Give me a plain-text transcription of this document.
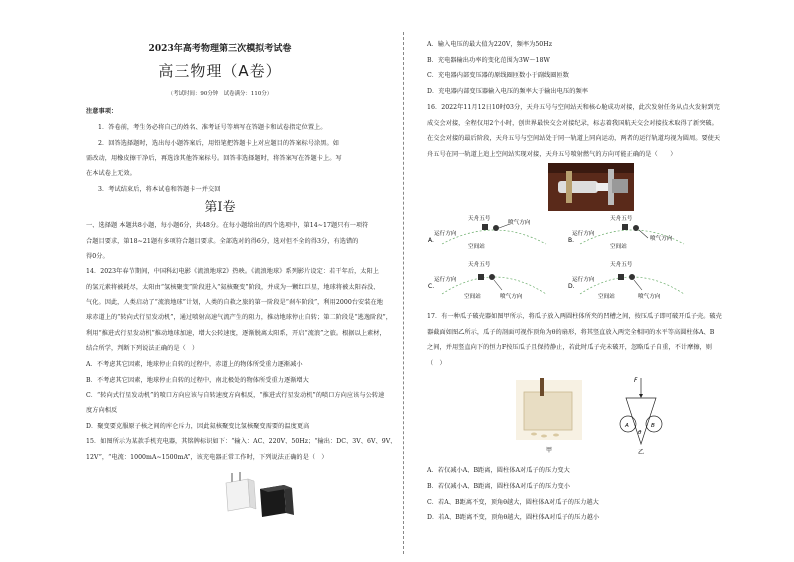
2023年高考物理第三次模拟考试卷
高三物理（A卷）
（考试时间：90分钟　试卷满分：110分）
注意事项：
1．答卷前，考生务必将自己的姓名、准考证号等填写在答题卡和试卷指定位置上。
2．回答选择题时，选出每小题答案后，用铅笔把答题卡上对应题目的答案标号涂黑。如
需改动，用橡皮擦干净后，再选涂其他答案标号。回答非选择题时，将答案写在答题卡上。写
在本试卷上无效。
3．考试结束后，将本试卷和答题卡一并交回
第Ⅰ卷
一、选择题 本题共8小题，每小题6分，共48分。在每小题给出的四个选项中，第14~17题只有一项符
合题目要求，第18~21题有多项符合题目要求。全部选对的得6分，选对但不全的得3分，有选错的
得0分。
14．2023年春节期间，中国科幻电影《流浪地球2》热映。《流浪地球》系列影片设定：若干年后，太阳上
的氢元素将被耗尽，太阳由“氢核聚变”阶段进入“氦核聚变”阶段，并成为一颗红巨星，地球将被太阳吞没、
气化。因此，人类启动了“流浪地球”计划，人类的自救之旅的第一阶段是“刹车阶段”，利用2000台安装在地
球赤道上的“转向式行星发动机”，通过喷射高速气流产生的阻力，推动地球停止自转；第二阶段是“逃逸阶段”，
利用“推进式行星发动机”推动地球加速，增大公转速度，逐渐脱离太阳系，开启“流浪”之旅。根据以上素材，
结合所学，判断下列说法正确的是（　）
A．不考虑其它因素，地球停止自转的过程中，赤道上的物体所受重力逐渐减小
B．不考虑其它因素，地球停止自转的过程中，南北极处的物体所受重力逐渐增大
C．“转向式行星发动机”的喷口方向应该与自转速度方向相反，“推进式行星发动机”的喷口方向应该与公转速
度方向相反
D．聚变要克服原子核之间的库仑斥力，因此氦核聚变比氢核聚变需要的温度更高
15．如图所示为某款手机充电器，其铭牌标识如下：“输入：AC、220V、50Hz；“输出：DC、3V、6V、9V、
12V”，“电流：1000mA~1500mA”，该充电器正常工作时，下列说法正确的是（　）
A．输入电压的最大值为220V，频率为50Hz
B．充电器输出功率的变化范围为3W～18W
C．充电器内部变压器的原线圈匝数小于副线圈匝数
D．充电器内部变压器输入电压的频率大于输出电压的频率
16．2022年11月12日10时03分，天舟五号与空间站天和核心舱成功对接，此次发射任务从点火发射到完
成交会对接，全程仅用2个小时，创世界最快交会对接纪录，标志着我国航天交会对接技术取得了新突破。
在交会对接的最后阶段，天舟五号与空间站处于同一轨道上同向运动，两者的运行轨道均视为圆周。要使天
舟五号在同一轨道上追上空间站实现对接，天舟五号喷射燃气的方向可能正确的是（　　）
A.
天舟五号
喷气方向
运行方向
空间站
B.
天舟五号
喷气方向
运行方向
空间站
C.
天舟五号
喷气方向
运行方向
空间站
D.
天舟五号
喷气方向
运行方向
空间站
17．有一种瓜子破壳器如图甲所示，将瓜子放入两圆柱体所夹的凹槽之间，按压瓜子即可破开瓜子壳。破壳
器截面如图乙所示，瓜子的剖面可视作顶角为θ的扇形，将其竖直放入两完全相同的水平等高圆柱体A、B
之间，并用竖直向下的恒力F按压瓜子且保持静止，若此时瓜子壳未破开，忽略瓜子自重，不计摩擦，则
（　）
甲
F
A	B
θ
乙
A．若仅减小A、B距离，圆柱体A对瓜子的压力变大
B．若仅减小A、B距离，圆柱体A对瓜子的压力变小
C．若A、B距离不变，顶角θ越大，圆柱体A对瓜子的压力越大
D．若A、B距离不变，顶角θ越大，圆柱体A对瓜子的压力越小
